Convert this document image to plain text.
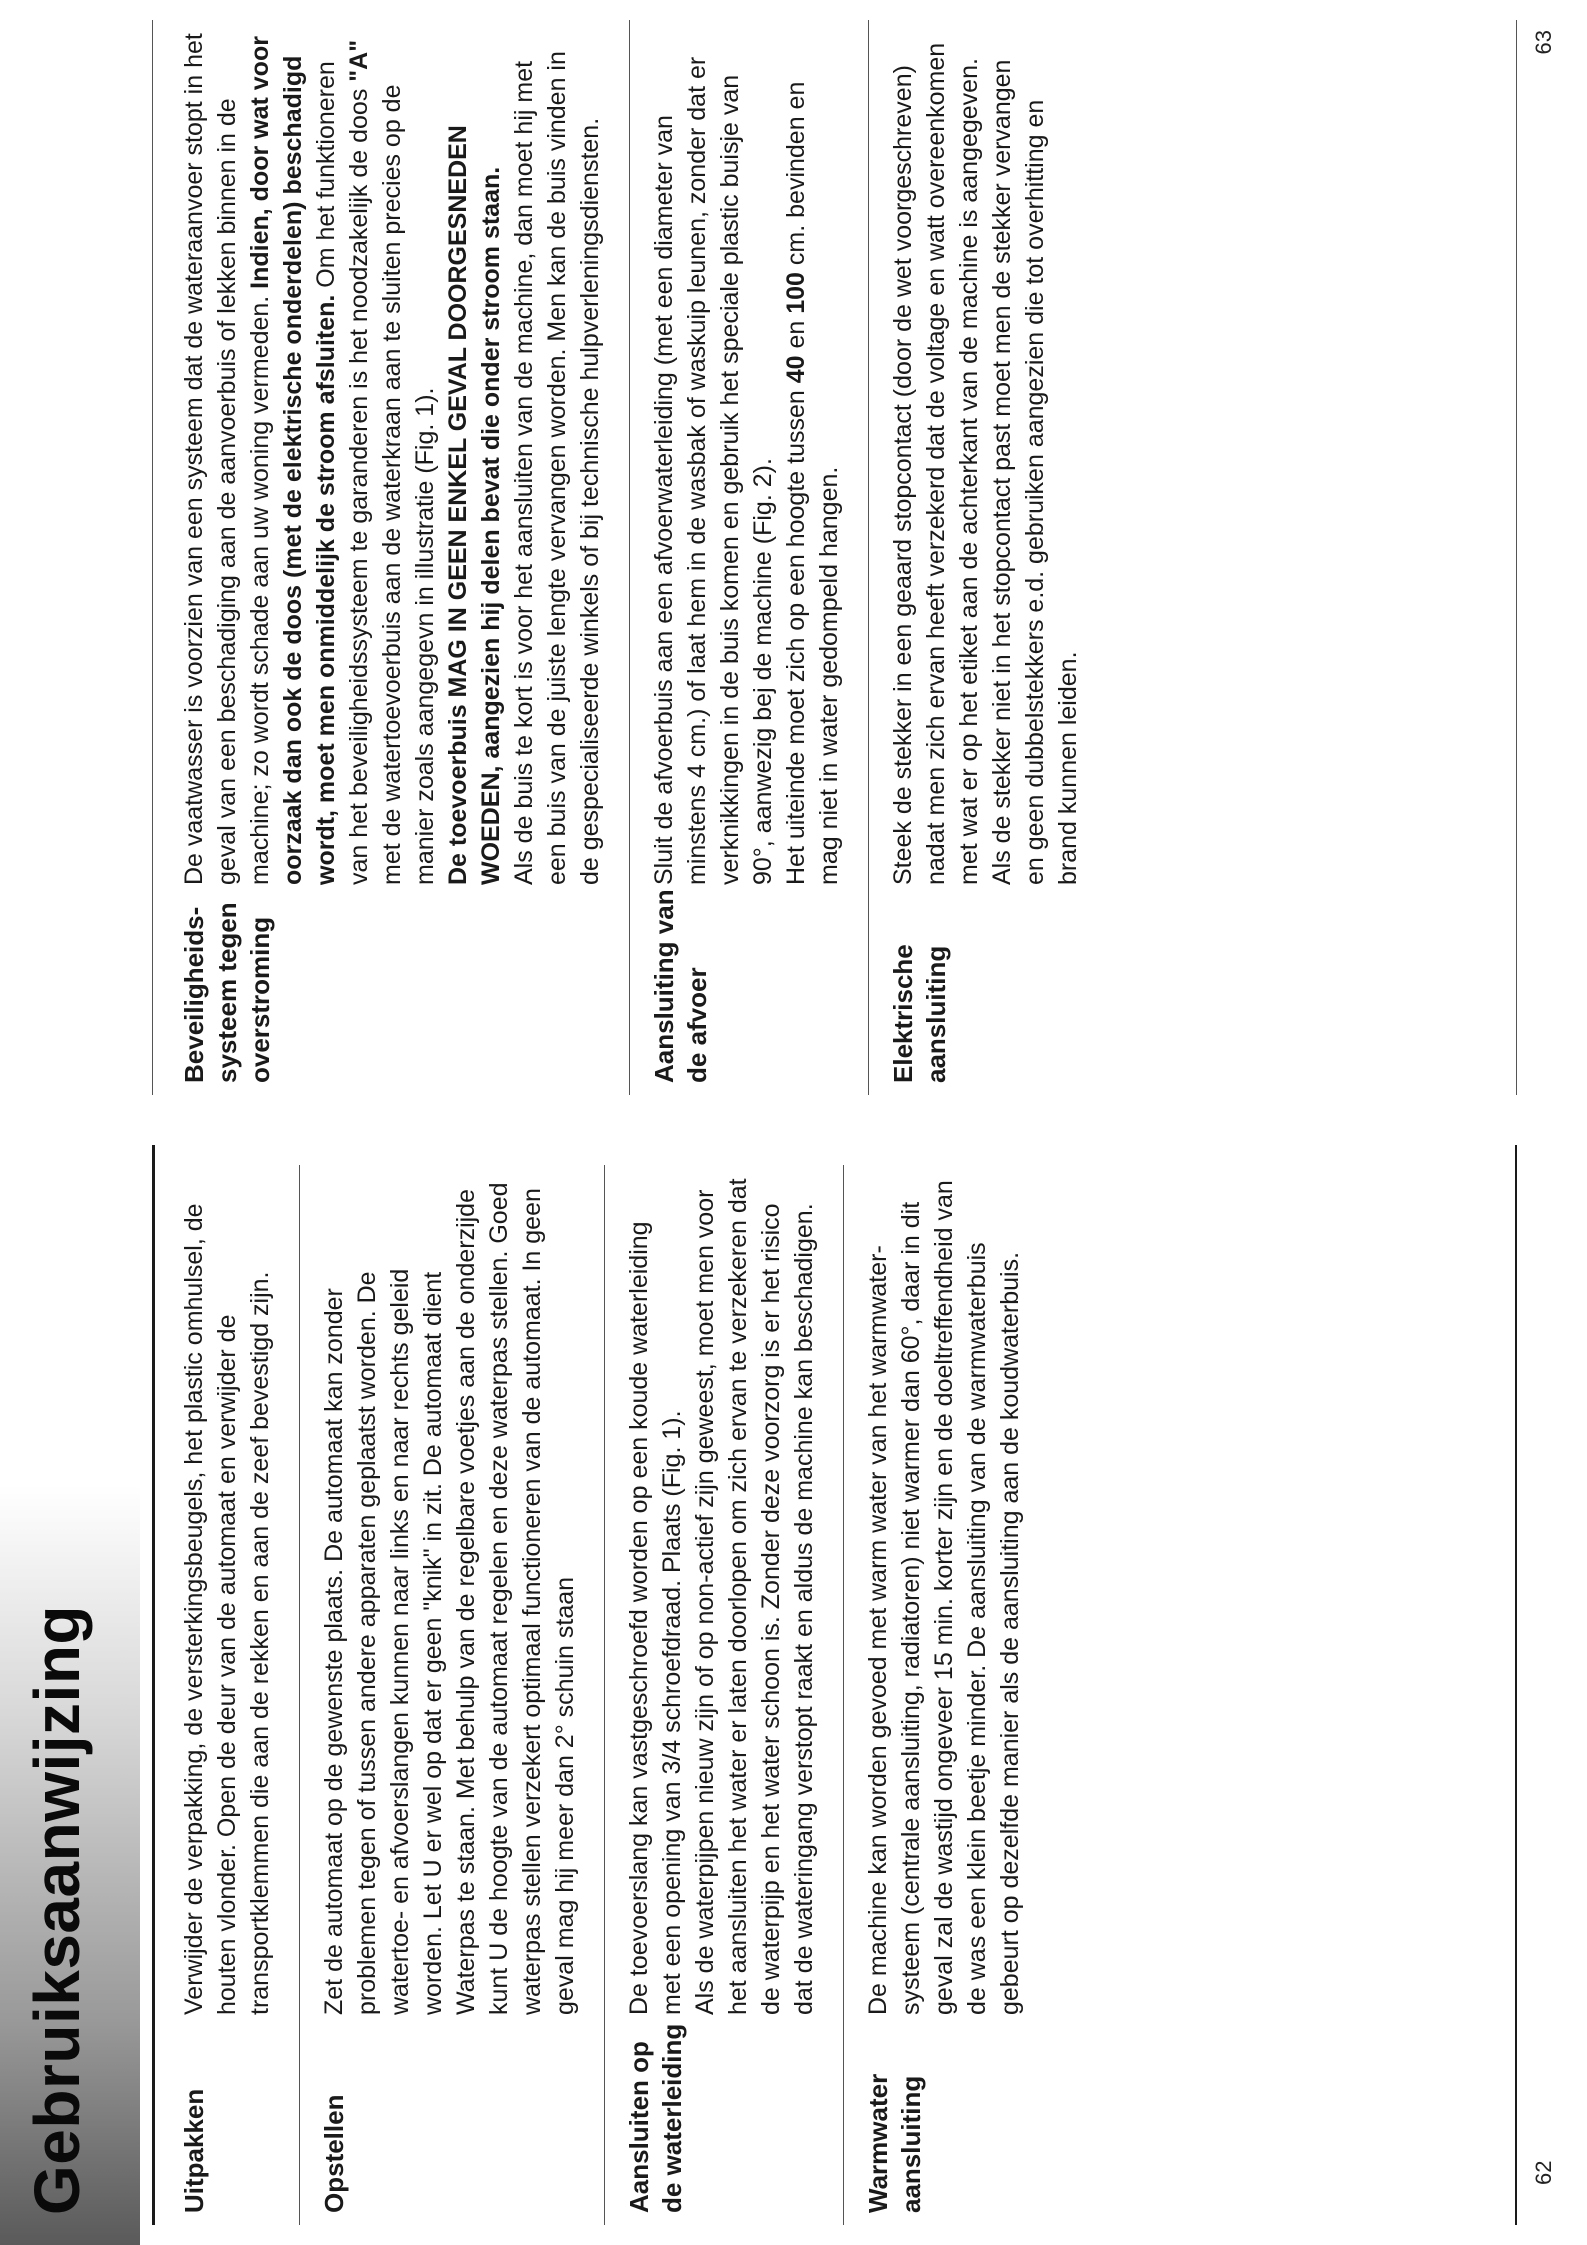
Gebruiksaanwijzing	Uitpakken

Verwijder de verpakking, de versterkingsbeugels, het plastic omhulsel, de houten vlonder. Open de deur van de automaat en verwijder de transportklemmen die aan de rekken en aan de zeef bevestigd zijn.

Opstellen

Zet de automaat op de gewenste plaats. De automaat kan zonder problemen tegen of tussen andere apparaten geplaatst worden. De watertoe- en afvoerslangen kunnen naar links en naar rechts geleid worden. Let U er wel op dat er geen "knik" in zit. De automaat dient Waterpas te staan. Met behulp van de regelbare voetjes aan de onderzijde kunt U de hoogte van de automaat regelen en deze waterpas stellen. Goed waterpas stellen verzekert optimaal functioneren van de automaat. In geen geval mag hij meer dan 2° schuin staan

Aansluiten op de waterleiding

De toevoerslang kan vastgeschroefd worden op een koude waterleiding met een opening van 3/4 schroefdraad. Plaats (Fig. 1). Als de waterpijpen nieuw zijn of op non-actief zijn geweest, moet men voor het aansluiten het water er laten doorlopen om zich ervan te verzekeren dat de waterpijp en het water schoon is. Zonder deze voorzorg is er het risico dat de wateringang verstopt raakt en aldus de machine kan beschadigen.

Warmwater aansluiting

De machine kan worden gevoed met warm water van het warmwater-systeem (centrale aansluiting, radiatoren) niet warmer dan 60°, daar in dit geval zal de wastijd ongeveer 15 min. korter zijn en de doeltreffendheid van de was een klein beetje minder. De aansluiting van de warmwaterbuis gebeurt op dezelfde manier als de aansluiting aan de koudwaterbuis.

62
Beveiligheids-systeem tegen overstroming

De vaatwasser is voorzien van een systeem dat de wateraanvoer stopt in het geval van een beschadiging aan de aanvoerbuis of lekken binnen in de machine; zo wordt schade aan uw woning vermeden. Indien, door wat voor oorzaak dan ook de doos (met de elektrische onderdelen) beschadigd wordt, moet men onmiddelijk de stroom afsluiten. Om het funktioneren van het beveiligheidssysteem te garanderen is het noodzakelijk de doos "A" met de watertoevoerbuis aan de waterkraan aan te sluiten precies op de manier zoals aangegevn in illustratie (Fig. 1). De toevoerbuis MAG IN GEEN ENKEL GEVAL DOORGESNEDEN WOEDEN, aangezien hij delen bevat die onder stroom staan. Als de buis te kort is voor het aansluiten van de machine, dan moet hij met een buis van de juiste lengte vervangen worden. Men kan de buis vinden in de gespecialiseerde winkels of bij technische hulpverleningsdiensten.

Aansluiting van de afvoer

Sluit de afvoerbuis aan een afvoerwaterleiding (met een diameter van minstens 4 cm.) of laat hem in de wasbak of waskuip leunen, zonder dat er verknikkingen in de buis komen en gebruik het speciale plastic buisje van 90°, aanwezig bej de machine (Fig. 2). Het uiteinde moet zich op een hoogte tussen 40 en 100 cm. bevinden en mag niet in water gedompeld hangen.

Elektrische aansluiting

Steek de stekker in een geaard stopcontact (door de wet voorgeschreven) nadat men zich ervan heeft verzekerd dat de voltage en watt overeenkomen met wat er op het etiket aan de achterkant van de machine is aangegeven. Als de stekker niet in het stopcontact past moet men de stekker vervangen en geen dubbelstekkers e.d. gebruiken aangezien die tot overhitting en brand kunnen leiden.

63
